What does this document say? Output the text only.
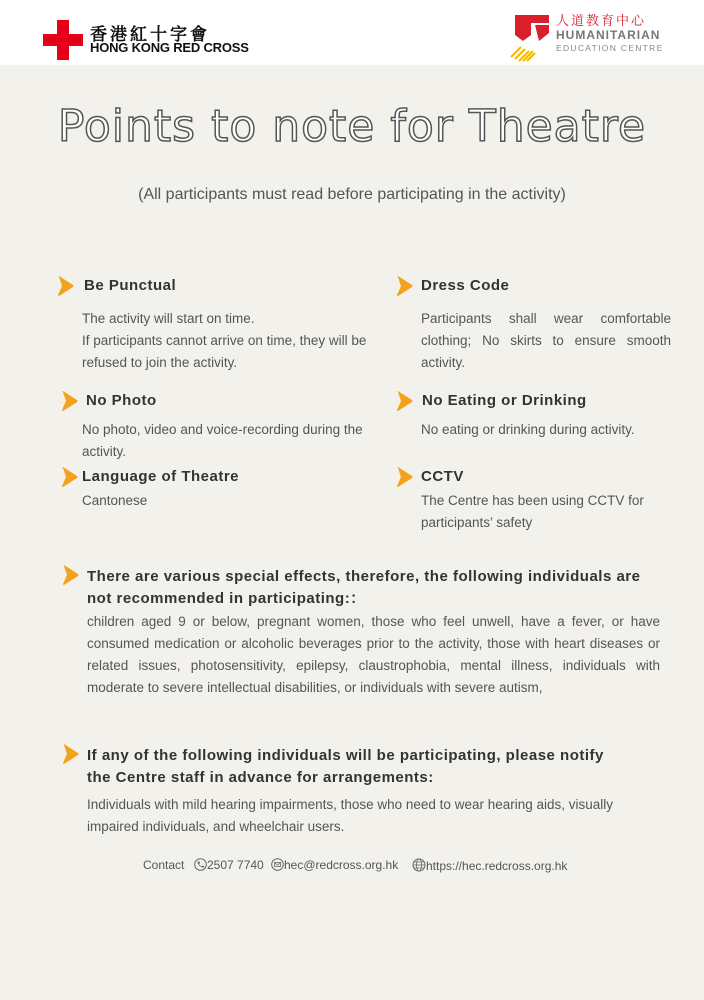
香港紅十字會
HONG KONG RED CROSS
人道教育中心
HUMANITARIAN
EDUCATION CENTRE
Points to note for Theatre
(All participants must read before participating in the activity)
Be Punctual
The activity will start on time.
If participants cannot arrive on time, they will be refused to join the activity.
No Photo
No photo, video and voice-recording during the activity.
Language of Theatre
Cantonese
Dress Code
Participants shall wear comfortable clothing; No skirts to ensure smooth activity.
No Eating or Drinking
No eating or drinking during activity.
CCTV
The Centre has been using CCTV for participants’ safety
There are various special effects, therefore, the following individuals are not recommended in participating:：
children aged 9 or below, pregnant women, those who feel unwell, have a fever, or have consumed medication or alcoholic beverages prior to the activity, those with heart diseases or related issues, photosensitivity, epilepsy, claustrophobia, mental illness, individuals with moderate to severe intellectual disabilities, or individuals with severe autism,
If any of the following individuals will be participating, please notify the Centre staff in advance for arrangements:
Individuals with mild hearing impairments, those who need to wear hearing aids, visually impaired individuals, and wheelchair users.
Contact	2507 7740	hec@redcross.org.hk	https://hec.redcross.org.hk
